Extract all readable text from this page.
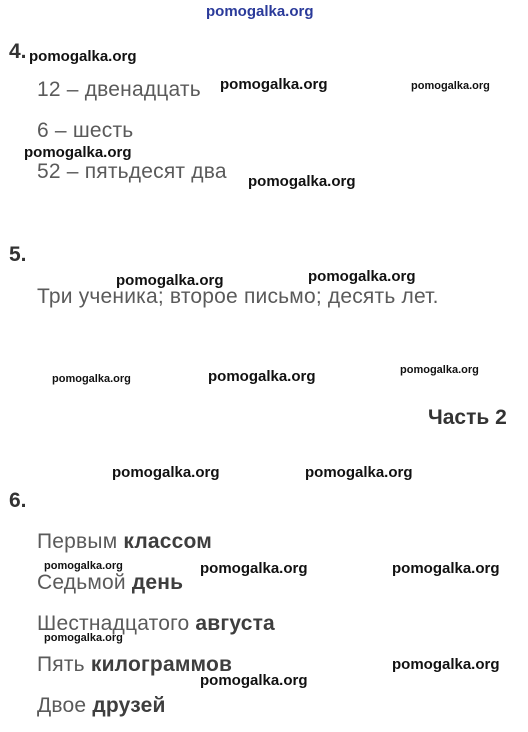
pomogalka.org
4.
12 – двенадцать
6 – шесть
52 – пятьдесят два
5.
Три ученика; второе письмо; десять лет.
Часть 2
6.
Первым классом
Седьмой день
Шестнадцатого августа
Пять килограммов
Двое друзей
pomogalka.org
pomogalka.org	pomogalka.org
pomogalka.org
pomogalka.org
pomogalka.org	pomogalka.org
pomogalka.org	pomogalka.org	pomogalka.org
pomogalka.org	pomogalka.org
pomogalka.org	pomogalka.org	pomogalka.org
pomogalka.org
pomogalka.org
pomogalka.org
